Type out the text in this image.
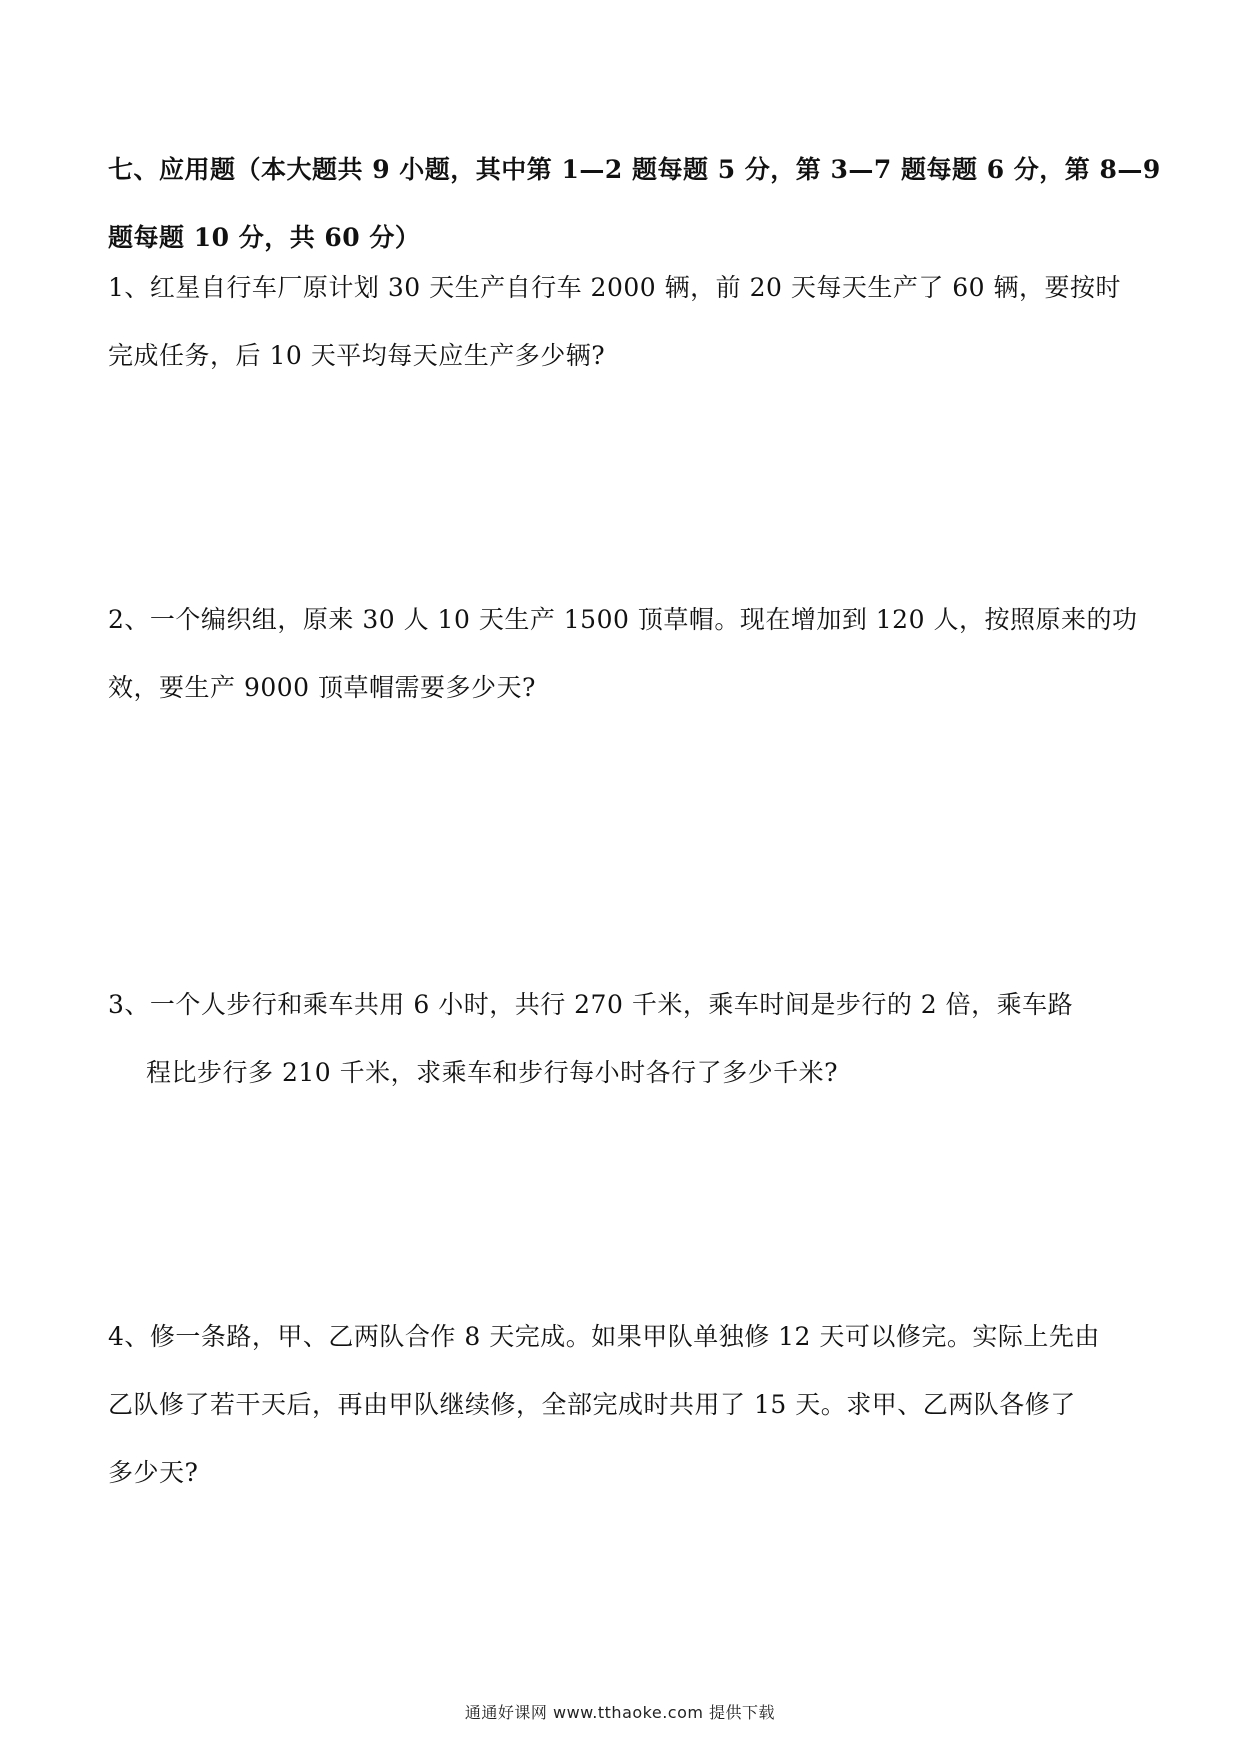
七、应用题（本大题共 9 小题，其中第 1—2 题每题 5 分，第 3—7 题每题 6 分，第 8—9
题每题 10 分，共 60 分）
1、红星自行车厂原计划 30 天生产自行车 2000 辆，前 20 天每天生产了 60 辆，要按时
完成任务，后 10 天平均每天应生产多少辆?
2、一个编织组，原来 30 人 10 天生产 1500 顶草帽。现在增加到 120 人，按照原来的功
效，要生产 9000 顶草帽需要多少天?
3、一个人步行和乘车共用 6 小时，共行 270 千米，乘车时间是步行的 2 倍，乘车路
程比步行多 210 千米，求乘车和步行每小时各行了多少千米?
4、修一条路，甲、乙两队合作 8 天完成。如果甲队单独修 12 天可以修完。实际上先由
乙队修了若干天后，再由甲队继续修，全部完成时共用了 15 天。求甲、乙两队各修了
多少天?
通通好课网 www.tthaoke.com 提供下载
